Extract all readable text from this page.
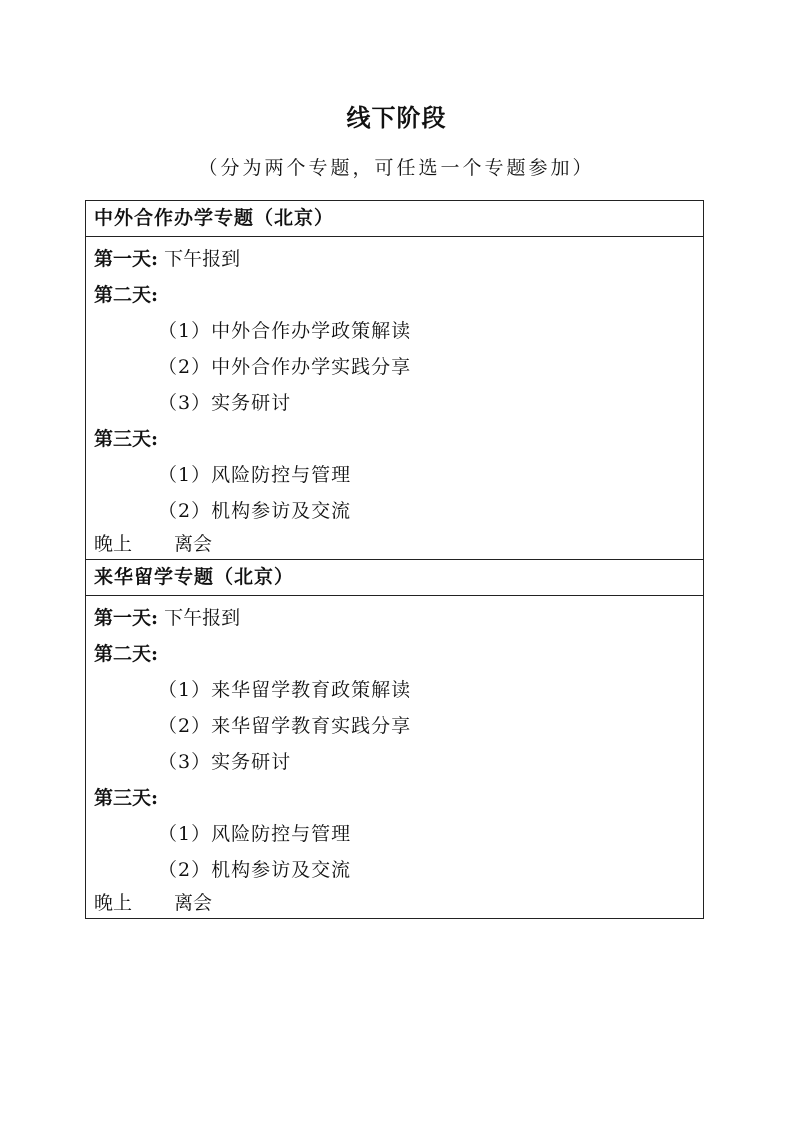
线下阶段
（分为两个专题，可任选一个专题参加）
中外合作办学专题（北京）
第一天: 下午报到
第二天:
（1）中外合作办学政策解读
（2）中外合作办学实践分享
（3）实务研讨
第三天:
（1）风险防控与管理
（2）机构参访及交流
晚上 离会
来华留学专题（北京）
第一天: 下午报到
第二天:
（1）来华留学教育政策解读
（2）来华留学教育实践分享
（3）实务研讨
第三天:
（1）风险防控与管理
（2）机构参访及交流
晚上 离会
